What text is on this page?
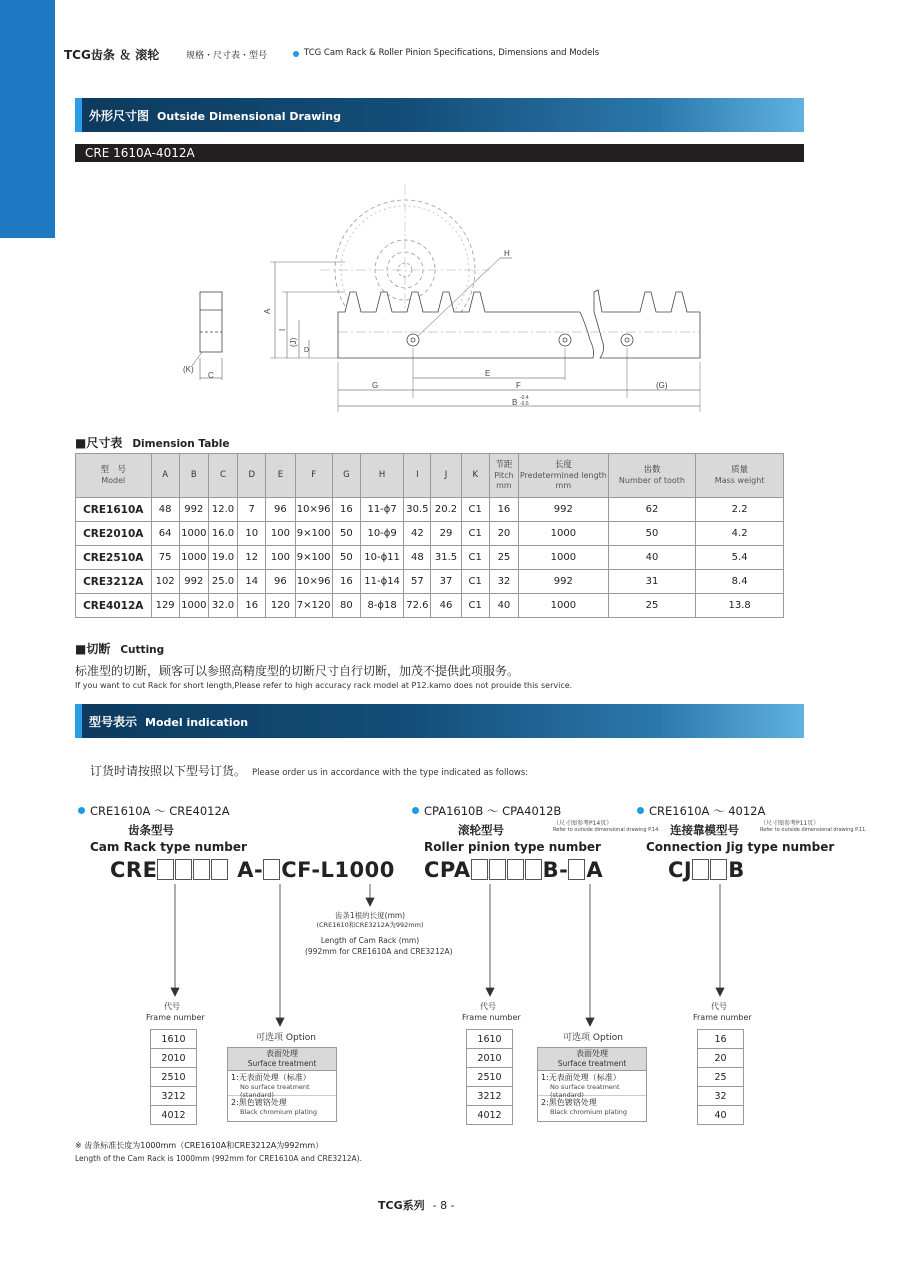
TCG齿条 ＆ 滚轮	规格・尺寸表・型号	TCG Cam Rack & Roller Pinion Specifications, Dimensions and Models
外形尺寸图 Outside Dimensional Drawing
CRE 1610A-4012A
(K)
C
H
A
I
(J)
D
E
G	F	(G)
B -0.4
-0.6
■尺寸表 Dimension Table
型　号
Model	A	B	C	D	E	F	G	H	I	J	K	节距
Pitch
mm	长度
Predetermined length
mm	齿数
Number of tooth	质量
Mass weight

CRE1610A	48	992	12.0	7	96	10×96	16	11-ϕ7	30.5	20.2	C1	16	992	62	2.2
CRE2010A	64	1000	16.0	10	100	9×100	50	10-ϕ9	42	29	C1	20	1000	50	4.2
CRE2510A	75	1000	19.0	12	100	9×100	50	10-ϕ11	48	31.5	C1	25	1000	40	5.4
CRE3212A	102	992	25.0	14	96	10×96	16	11-ϕ14	57	37	C1	32	992	31	8.4
CRE4012A	129	1000	32.0	16	120	7×120	80	8-ϕ18	72.6	46	C1	40	1000	25	13.8
■切断 Cutting
标准型的切断，顾客可以参照高精度型的切断尺寸自行切断，加茂不提供此项服务。
If you want to cut Rack for short length,Please refer to high accuracy rack model at P12.kamo does not prouide this service.
型号表示 Model indication
订货时请按照以下型号订货。 Please order us in accordance with the type indicated as follows:
CRE1610A ～ CRE4012A
齿条型号
Cam Rack type number
CRE	A- CF-L1000
齿条1根的长度(mm)
(CRE1610和CRE3212A为992mm)
Length of Cam Rack (mm)
(992mm for CRE1610A and CRE3212A)
代号
Frame number
1610
2010
2510
3212
4012
可选项 Option
表面处理
Surface treatment
1:无表面处理（标准）
No surface treatment (standard)
2:黑色镀铬处理
Black chromium plating
CPA1610B ～ CPA4012B
滚轮型号	（尺寸图参考P14页）
Refer to outside dimensional drawing P.14.
Roller pinion type number
CPA	B- A
代号
Frame number
1610
2010
2510
3212
4012
可选项 Option
表面处理
Surface treatment
1:无表面处理（标准）
No surface treatment (standard)
2:黑色镀铬处理
Black chromium plating
CRE1610A ～ 4012A
连接靠模型号	（尺寸图参考P11页）
Refer to outside dimensional drawing P.11.
Connection Jig type number
CJ B
代号
Frame number
16
20
25
32
40
※ 齿条标准长度为1000mm（CRE1610A和CRE3212A为992mm）
Length of the Cam Rack is 1000mm (992mm for CRE1610A and CRE3212A).
TCG系列 - 8 -
